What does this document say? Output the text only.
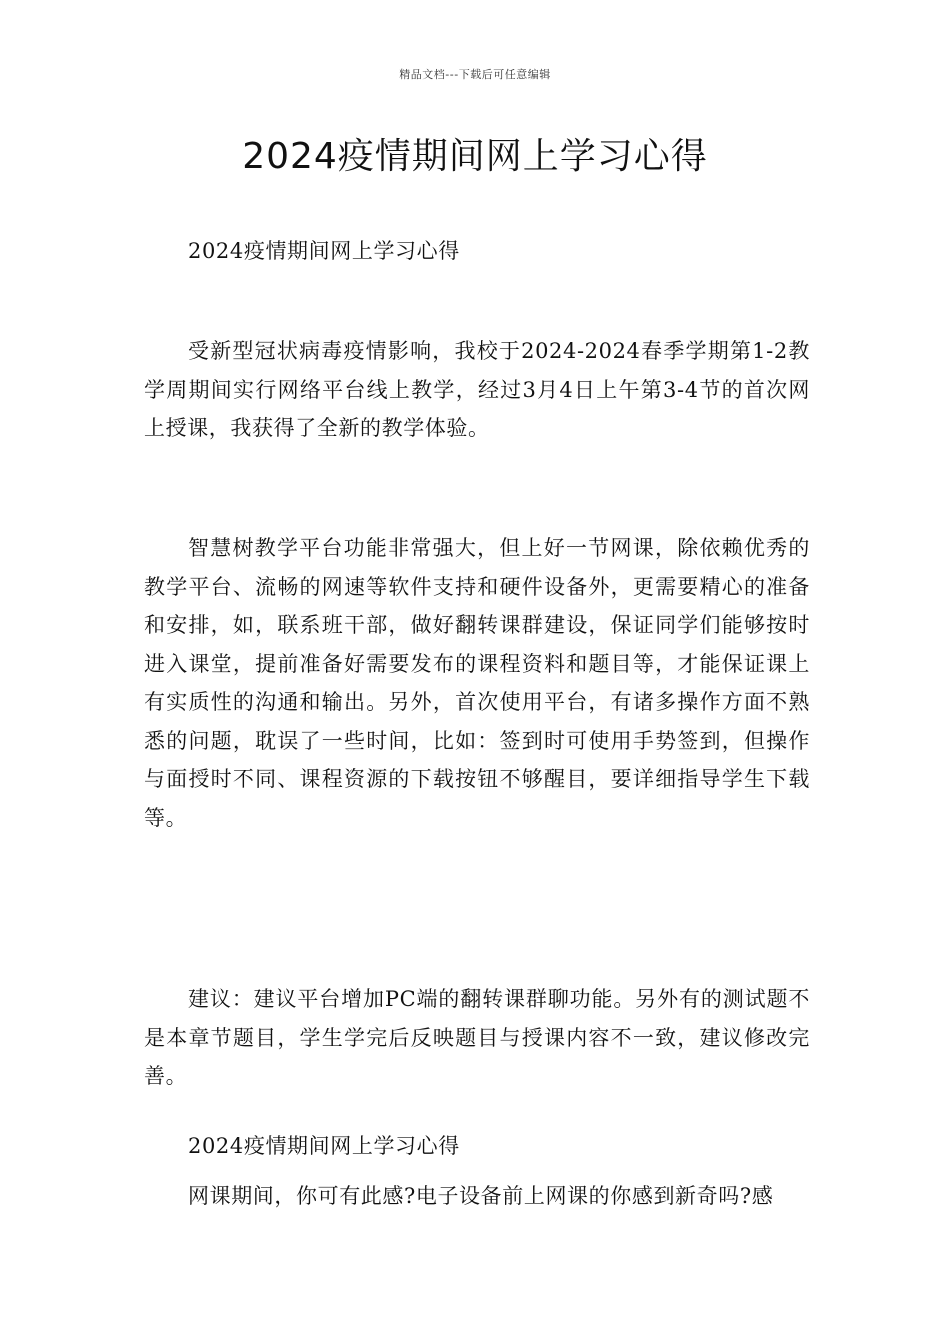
精品文档---下载后可任意编辑
2024疫情期间网上学习心得

2024疫情期间网上学习心得

受新型冠状病毒疫情影响，我校于2024-2024春季学期第1-2教学周期间实行网络平台线上教学，经过3月4日上午第3-4节的首次网上授课，我获得了全新的教学体验。

智慧树教学平台功能非常强大，但上好一节网课，除依赖优秀的教学平台、流畅的网速等软件支持和硬件设备外，更需要精心的准备和安排，如，联系班干部，做好翻转课群建设，保证同学们能够按时进入课堂，提前准备好需要发布的课程资料和题目等，才能保证课上有实质性的沟通和输出。另外，首次使用平台，有诸多操作方面不熟悉的问题，耽误了一些时间，比如：签到时可使用手势签到，但操作与面授时不同、课程资源的下载按钮不够醒目，要详细指导学生下载等。

建议：建议平台增加PC端的翻转课群聊功能。另外有的测试题不是本章节题目，学生学完后反映题目与授课内容不一致，建议修改完善。

2024疫情期间网上学习心得

网课期间，你可有此感?电子设备前上网课的你感到新奇吗?感
